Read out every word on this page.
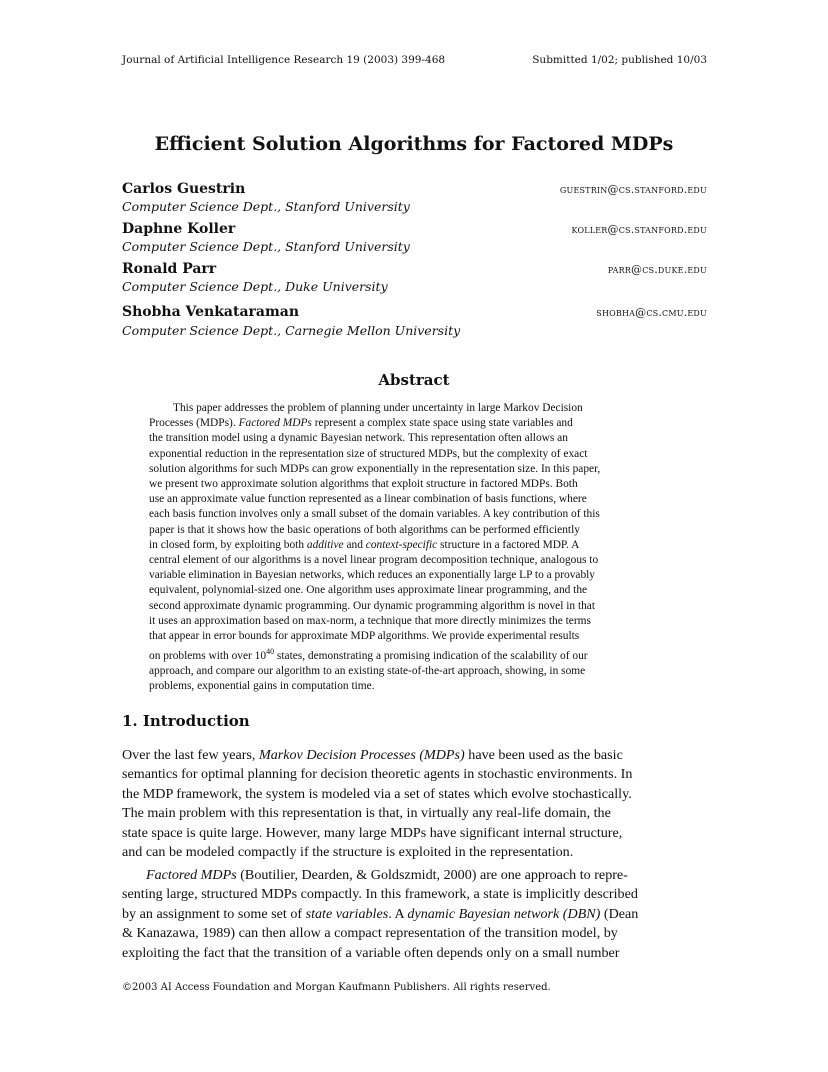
Journal of Artificial Intelligence Research 19 (2003) 399-468	Submitted 1/02; published 10/03
Efficient Solution Algorithms for Factored MDPs
Carlos Guestrin	guestrin@cs.stanford.edu
Computer Science Dept., Stanford University
Daphne Koller	koller@cs.stanford.edu
Computer Science Dept., Stanford University
Ronald Parr	parr@cs.duke.edu
Computer Science Dept., Duke University
Shobha Venkataraman	shobha@cs.cmu.edu
Computer Science Dept., Carnegie Mellon University
Abstract
This paper addresses the problem of planning under uncertainty in large Markov Decision
Processes (MDPs). Factored MDPs represent a complex state space using state variables and
the transition model using a dynamic Bayesian network. This representation often allows an
exponential reduction in the representation size of structured MDPs, but the complexity of exact
solution algorithms for such MDPs can grow exponentially in the representation size. In this paper,
we present two approximate solution algorithms that exploit structure in factored MDPs. Both
use an approximate value function represented as a linear combination of basis functions, where
each basis function involves only a small subset of the domain variables. A key contribution of this
paper is that it shows how the basic operations of both algorithms can be performed efficiently
in closed form, by exploiting both additive and context-specific structure in a factored MDP. A
central element of our algorithms is a novel linear program decomposition technique, analogous to
variable elimination in Bayesian networks, which reduces an exponentially large LP to a provably
equivalent, polynomial-sized one. One algorithm uses approximate linear programming, and the
second approximate dynamic programming. Our dynamic programming algorithm is novel in that
it uses an approximation based on max-norm, a technique that more directly minimizes the terms
that appear in error bounds for approximate MDP algorithms. We provide experimental results
on problems with over $10^{40}$ states, demonstrating a promising indication of the scalability of our
approach, and compare our algorithm to an existing state-of-the-art approach, showing, in some
problems, exponential gains in computation time.
1. Introduction
Over the last few years, Markov Decision Processes (MDPs) have been used as the basic
semantics for optimal planning for decision theoretic agents in stochastic environments. In
the MDP framework, the system is modeled via a set of states which evolve stochastically.
The main problem with this representation is that, in virtually any real-life domain, the
state space is quite large. However, many large MDPs have significant internal structure,
and can be modeled compactly if the structure is exploited in the representation.
Factored MDPs (Boutilier, Dearden, & Goldszmidt, 2000) are one approach to repre-
senting large, structured MDPs compactly. In this framework, a state is implicitly described
by an assignment to some set of state variables. A dynamic Bayesian network (DBN) (Dean
& Kanazawa, 1989) can then allow a compact representation of the transition model, by
exploiting the fact that the transition of a variable often depends only on a small number
©2003 AI Access Foundation and Morgan Kaufmann Publishers. All rights reserved.
